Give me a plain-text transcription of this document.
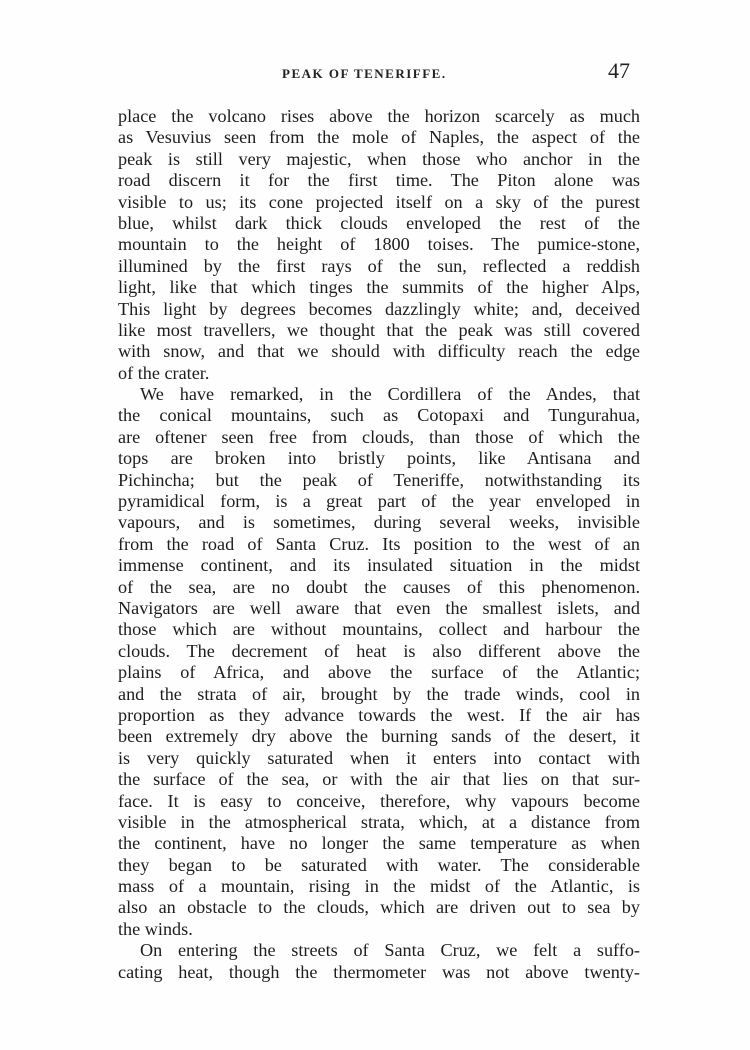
PEAK OF TENERIFFE.	47
place the volcano rises above the horizon scarcely as much
as Vesuvius seen from the mole of Naples, the aspect of the
peak is still very majestic, when those who anchor in the
road discern it for the first time. The Piton alone was
visible to us; its cone projected itself on a sky of the purest
blue, whilst dark thick clouds enveloped the rest of the
mountain to the height of 1800 toises. The pumice-stone,
illumined by the first rays of the sun, reflected a reddish
light, like that which tinges the summits of the higher Alps,
This light by degrees becomes dazzlingly white; and, deceived
like most travellers, we thought that the peak was still covered
with snow, and that we should with difficulty reach the edge
of the crater.
We have remarked, in the Cordillera of the Andes, that
the conical mountains, such as Cotopaxi and Tungurahua,
are oftener seen free from clouds, than those of which the
tops are broken into bristly points, like Antisana and
Pichincha; but the peak of Teneriffe, notwithstanding its
pyramidical form, is a great part of the year enveloped in
vapours, and is sometimes, during several weeks, invisible
from the road of Santa Cruz. Its position to the west of an
immense continent, and its insulated situation in the midst
of the sea, are no doubt the causes of this phenomenon.
Navigators are well aware that even the smallest islets, and
those which are without mountains, collect and harbour the
clouds. The decrement of heat is also different above the
plains of Africa, and above the surface of the Atlantic;
and the strata of air, brought by the trade winds, cool in
proportion as they advance towards the west. If the air has
been extremely dry above the burning sands of the desert, it
is very quickly saturated when it enters into contact with
the surface of the sea, or with the air that lies on that sur-
face. It is easy to conceive, therefore, why vapours become
visible in the atmospherical strata, which, at a distance from
the continent, have no longer the same temperature as when
they began to be saturated with water. The considerable
mass of a mountain, rising in the midst of the Atlantic, is
also an obstacle to the clouds, which are driven out to sea by
the winds.
On entering the streets of Santa Cruz, we felt a suffo-
cating heat, though the thermometer was not above twenty-
